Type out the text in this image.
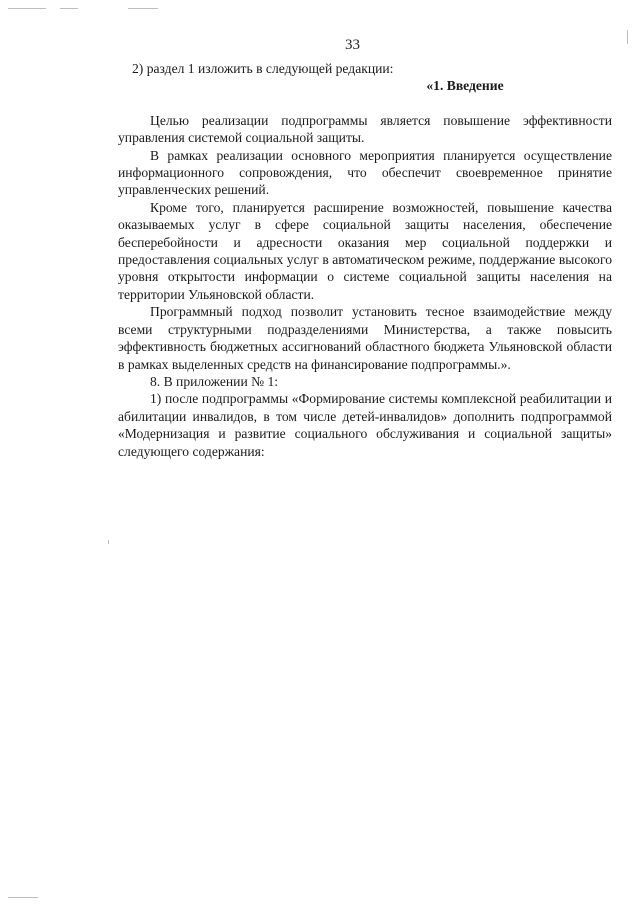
33

2) раздел 1 изложить в следующей редакции:

«1. Введение

Целью реализации подпрограммы является повышение эффективности управления системой социальной защиты.

В рамках реализации основного мероприятия планируется осуществление информационного сопровождения, что обеспечит своевременное принятие управленческих решений.

Кроме того, планируется расширение возможностей, повышение качества оказываемых услуг в сфере социальной защиты населения, обеспечение бесперебойности и адресности оказания мер социальной поддержки и предоставления социальных услуг в автоматическом режиме, поддержание высокого уровня открытости информации о системе социальной защиты населения на территории Ульяновской области.

Программный подход позволит установить тесное взаимодействие между всеми структурными подразделениями Министерства, а также повысить эффективность бюджетных ассигнований областного бюджета Ульяновской области в рамках выделенных средств на финансирование подпрограммы.».

8. В приложении № 1:

1) после подпрограммы «Формирование системы комплексной реабилитации и абилитации инвалидов, в том числе детей-инвалидов» дополнить подпрограммой «Модернизация и развитие социального обслуживания и социальной защиты» следующего содержания:
